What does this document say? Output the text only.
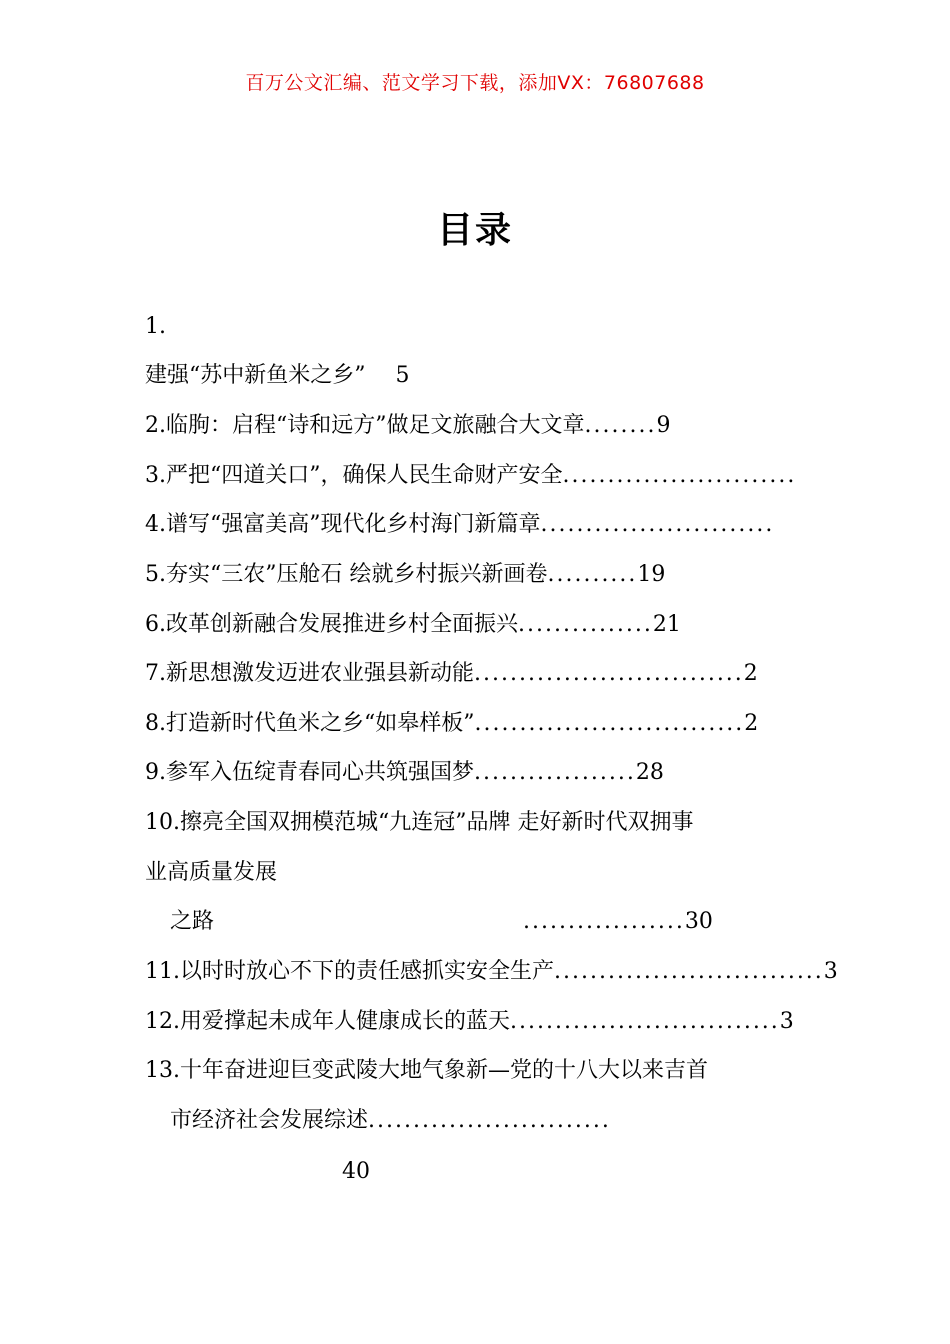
百万公文汇编、范文学习下载，添加VX：76807688
目录
1.
建强“苏中新鱼米之乡” 5
2.临朐：启程“诗和远方”做足文旅融合大文章........9
3.严把“四道关口”，确保人民生命财产安全..........................
4.谱写“强富美高”现代化乡村海门新篇章..........................
5.夯实“三农”压舱石 绘就乡村振兴新画卷..........19
6.改革创新融合发展推进乡村全面振兴...............21
7.新思想激发迈进农业强县新动能..............................2
8.打造新时代鱼米之乡“如皋样板”..............................2
9.参军入伍绽青春同心共筑强国梦..................28
10.擦亮全国双拥模范城“九连冠”品牌 走好新时代双拥事
业高质量发展
之路	..................30
11.以时时放心不下的责任感抓实安全生产..............................3
12.用爱撑起未成年人健康成长的蓝天..............................3
13.十年奋进迎巨变武陵大地气象新—党的十八大以来吉首
市经济社会发展综述...........................
40
